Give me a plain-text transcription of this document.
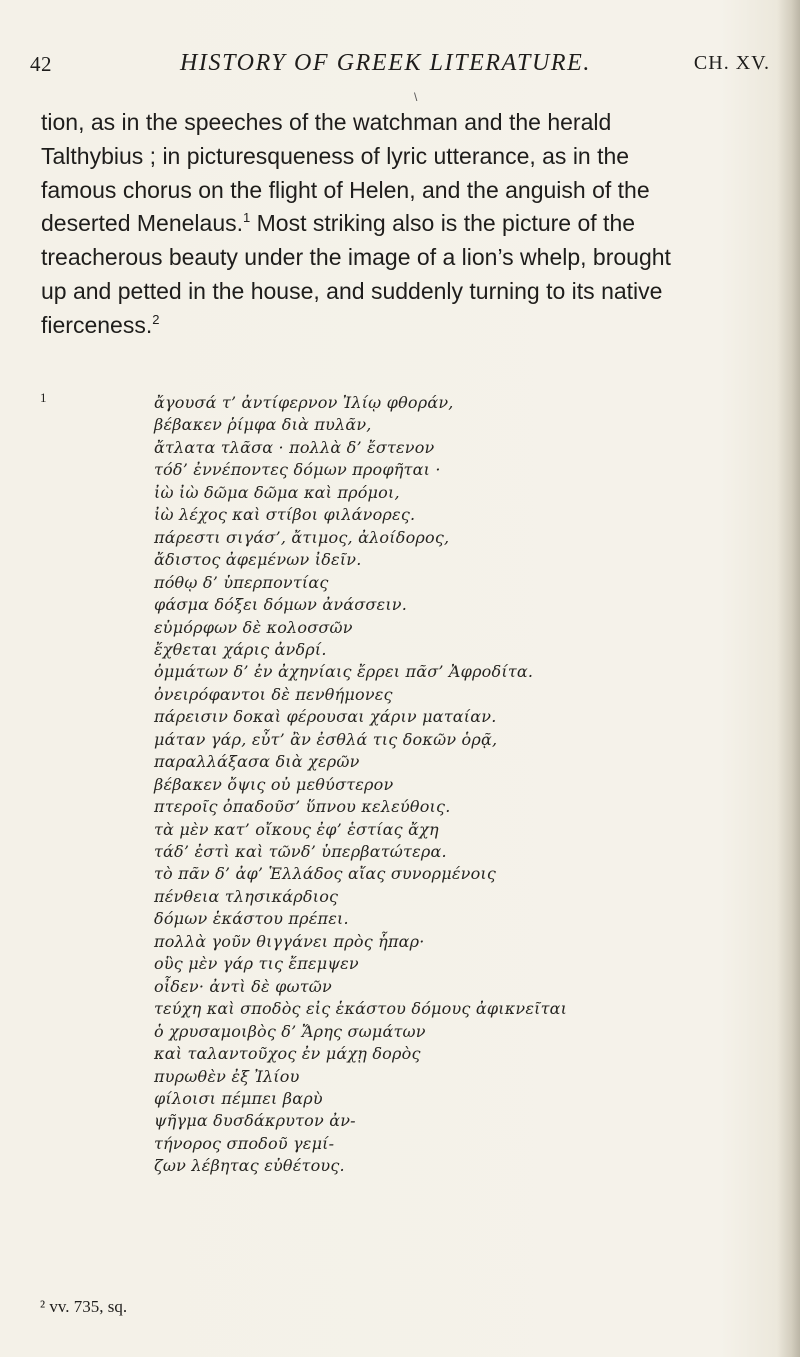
42	HISTORY OF GREEK LITERATURE.	CH. XV.
\
tion, as in the speeches of the watchman and the herald
Talthybius ; in picturesqueness of lyric utterance, as in the
famous chorus on the flight of Helen, and the anguish of the
deserted Menelaus.$^1$ Most striking also is the picture of the
treacherous beauty under the image of a lion’s whelp, brought
up and petted in the house, and suddenly turning to its native
fierceness.$^2$
1	ἄγουσά τ’ ἀντίφερνον Ἰλίῳ φθοράν,
βέβακεν ῥίμφα διὰ πυλᾶν,
ἄτλατα τλᾶσα · πολλὰ δ’ ἔστενον
τόδ’ ἐννέποντες δόμων προφῆται ·
ἰὼ ἰὼ δῶμα δῶμα καὶ πρόμοι,
ἰὼ λέχος καὶ στίβοι φιλάνορες.
πάρεστι σιγάσ’, ἄτιμος, ἀλοίδορος,
ἄδιστος ἀφεμένων ἰδεῖν.
πόθῳ δ’ ὑπερποντίας
φάσμα δόξει δόμων ἀνάσσειν.
εὐμόρφων δὲ κολοσσῶν
ἔχθεται χάρις ἀνδρί.
ὀμμάτων δ’ ἐν ἀχηνίαις ἔρρει πᾶσ’ Ἀφροδίτα.
ὀνειρόφαντοι δὲ πενθήμονες
πάρεισιν δοκαὶ φέρουσαι χάριν ματαίαν.
μάταν γάρ, εὖτ’ ἂν ἐσθλά τις δοκῶν ὁρᾷ,
παραλλάξασα διὰ χερῶν
βέβακεν ὄψις οὐ μεθύστερον
πτεροῖς ὀπαδοῦσ’ ὕπνου κελεύθοις.
τὰ μὲν κατ’ οἴκους ἐφ’ ἑστίας ἄχη
τάδ’ ἐστὶ καὶ τῶνδ’ ὑπερβατώτερα.
τὸ πᾶν δ’ ἀφ’ Ἑλλάδος αἴας συνορμένοις
πένθεια τλησικάρδιος
δόμων ἑκάστου πρέπει.
πολλὰ γοῦν θιγγάνει πρὸς ἧπαρ·
οὓς μὲν γάρ τις ἔπεμψεν
οἶδεν· ἀντὶ δὲ φωτῶν
τεύχη καὶ σποδὸς εἰς ἑκάστου δόμους ἀφικνεῖται
ὁ χρυσαμοιβὸς δ’ Ἄρης σωμάτων
καὶ ταλαντοῦχος ἐν μάχῃ δορὸς
πυρωθὲν ἐξ Ἰλίου
φίλοισι πέμπει βαρὺ
ψῆγμα δυσδάκρυτον ἀν-
τήνορος σποδοῦ γεμί-
ζων λέβητας εὐθέτους.
² vv. 735, sq.
